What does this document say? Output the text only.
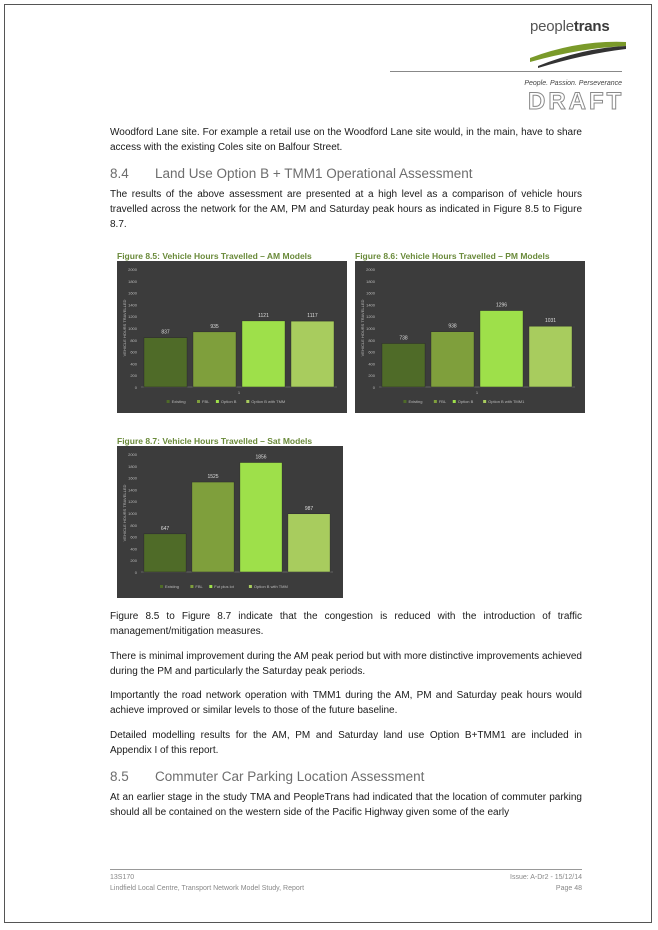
peopletrans
People. Passion. Perseverance
DRAFT
Woodford Lane site. For example a retail use on the Woodford Lane site would, in the main, have to share access with the existing Coles site on Balfour Street.
8.4 Land Use Option B + TMM1 Operational Assessment
The results of the above assessment are presented at a high level as a comparison of vehicle hours travelled across the network for the AM, PM and Saturday peak hours as indicated in Figure 8.5 to Figure 8.7.
Figure 8.5: Vehicle Hours Travelled – AM Models	Figure 8.6: Vehicle Hours Travelled – PM Models
Figure 8.7: Vehicle Hours Travelled – Sat Models
0
200
400
600
800
1000
1200
1400
1600
1800
2000
VEHICLE HOURS TRAVELLED	837
935
1121	1117
1
Existing	FBL	Option B	Option B with TMM
0
200
400
600
800
1000
1200
1400
1600
1800
2000
VEHICLE HOURS TRAVELLED	738
938
1296
1031
1
Existing	FBL	Option B	Option B with TMM1
0
200
400
600
800
1000
1200
1400
1600
1800
2000
VEHICLE HOURS TRAVELLED	647
1525
1856
987
Existing	FBL	Fut plus lot	Option B with TMM
Figure 8.5 to Figure 8.7 indicate that the congestion is reduced with the introduction of traffic management/mitigation measures.
There is minimal improvement during the AM peak period but with more distinctive improvements achieved during the PM and particularly the Saturday peak periods.
Importantly the road network operation with TMM1 during the AM, PM and Saturday peak hours would achieve improved or similar levels to those of the future baseline.
Detailed modelling results for the AM, PM and Saturday land use Option B+TMM1 are included in Appendix I of this report.
8.5 Commuter Car Parking Location Assessment
At an earlier stage in the study TMA and PeopleTrans had indicated that the location of commuter parking should all be contained on the western side of the Pacific Highway given some of the early
13S170
Lindfield Local Centre, Transport Network Model Study, Report
Issue: A-Dr2 - 15/12/14
Page 48
